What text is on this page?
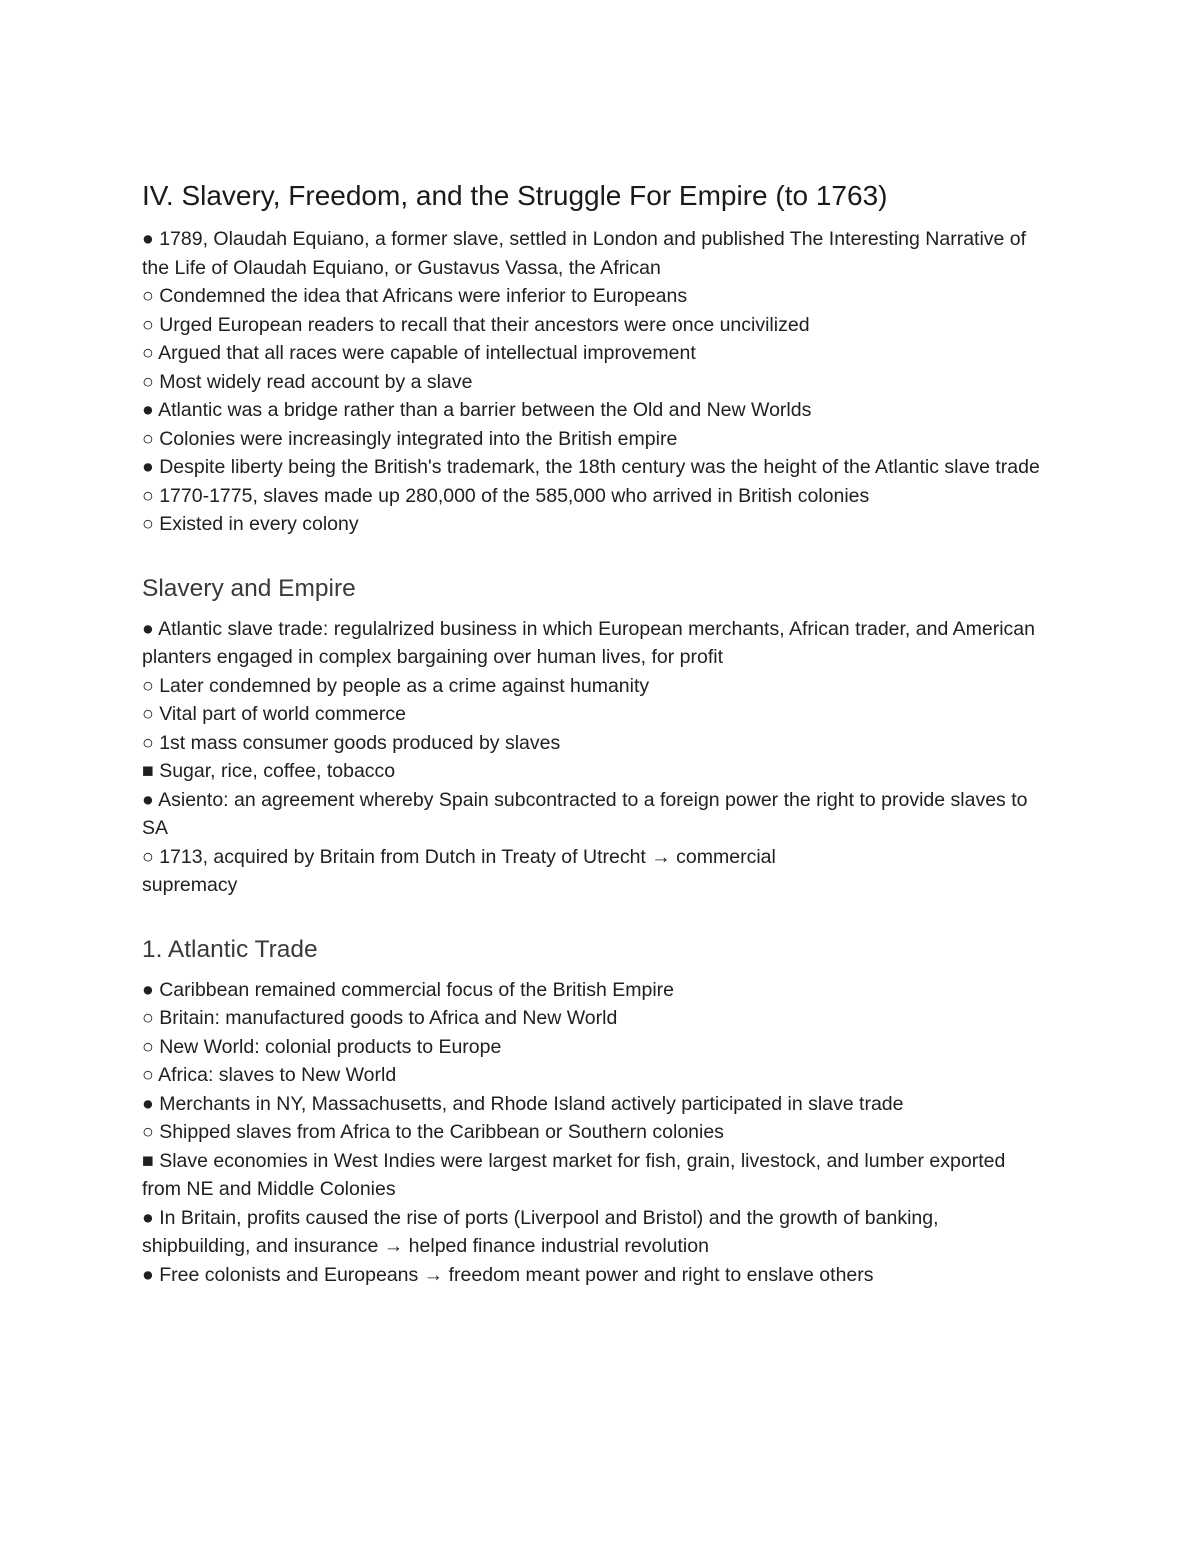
IV. Slavery, Freedom, and the Struggle For Empire (to 1763)

● 1789, Olaudah Equiano, a former slave, settled in London and published The Interesting Narrative of the Life of Olaudah Equiano, or Gustavus Vassa, the African

○ Condemned the idea that Africans were inferior to Europeans

○ Urged European readers to recall that their ancestors were once uncivilized

○ Argued that all races were capable of intellectual improvement

○ Most widely read account by a slave

● Atlantic was a bridge rather than a barrier between the Old and New Worlds

○ Colonies were increasingly integrated into the British empire

● Despite liberty being the British's trademark, the 18th century was the height of the Atlantic slave trade

○ 1770-1775, slaves made up 280,000 of the 585,000 who arrived in British colonies

○ Existed in every colony

Slavery and Empire

● Atlantic slave trade: regulalrized business in which European merchants, African trader, and American planters engaged in complex bargaining over human lives, for profit

○ Later condemned by people as a crime against humanity

○ Vital part of world commerce

○ 1st mass consumer goods produced by slaves

■ Sugar, rice, coffee, tobacco

● Asiento: an agreement whereby Spain subcontracted to a foreign power the right to provide slaves to SA

○ 1713, acquired by Britain from Dutch in Treaty of Utrecht → commercial

supremacy

1. Atlantic Trade

● Caribbean remained commercial focus of the British Empire

○ Britain: manufactured goods to Africa and New World

○ New World: colonial products to Europe

○ Africa: slaves to New World

● Merchants in NY, Massachusetts, and Rhode Island actively participated in slave trade

○ Shipped slaves from Africa to the Caribbean or Southern colonies

■ Slave economies in West Indies were largest market for fish, grain, livestock, and lumber exported from NE and Middle Colonies

● In Britain, profits caused the rise of ports (Liverpool and Bristol) and the growth of banking, shipbuilding, and insurance → helped finance industrial revolution

● Free colonists and Europeans → freedom meant power and right to enslave others
